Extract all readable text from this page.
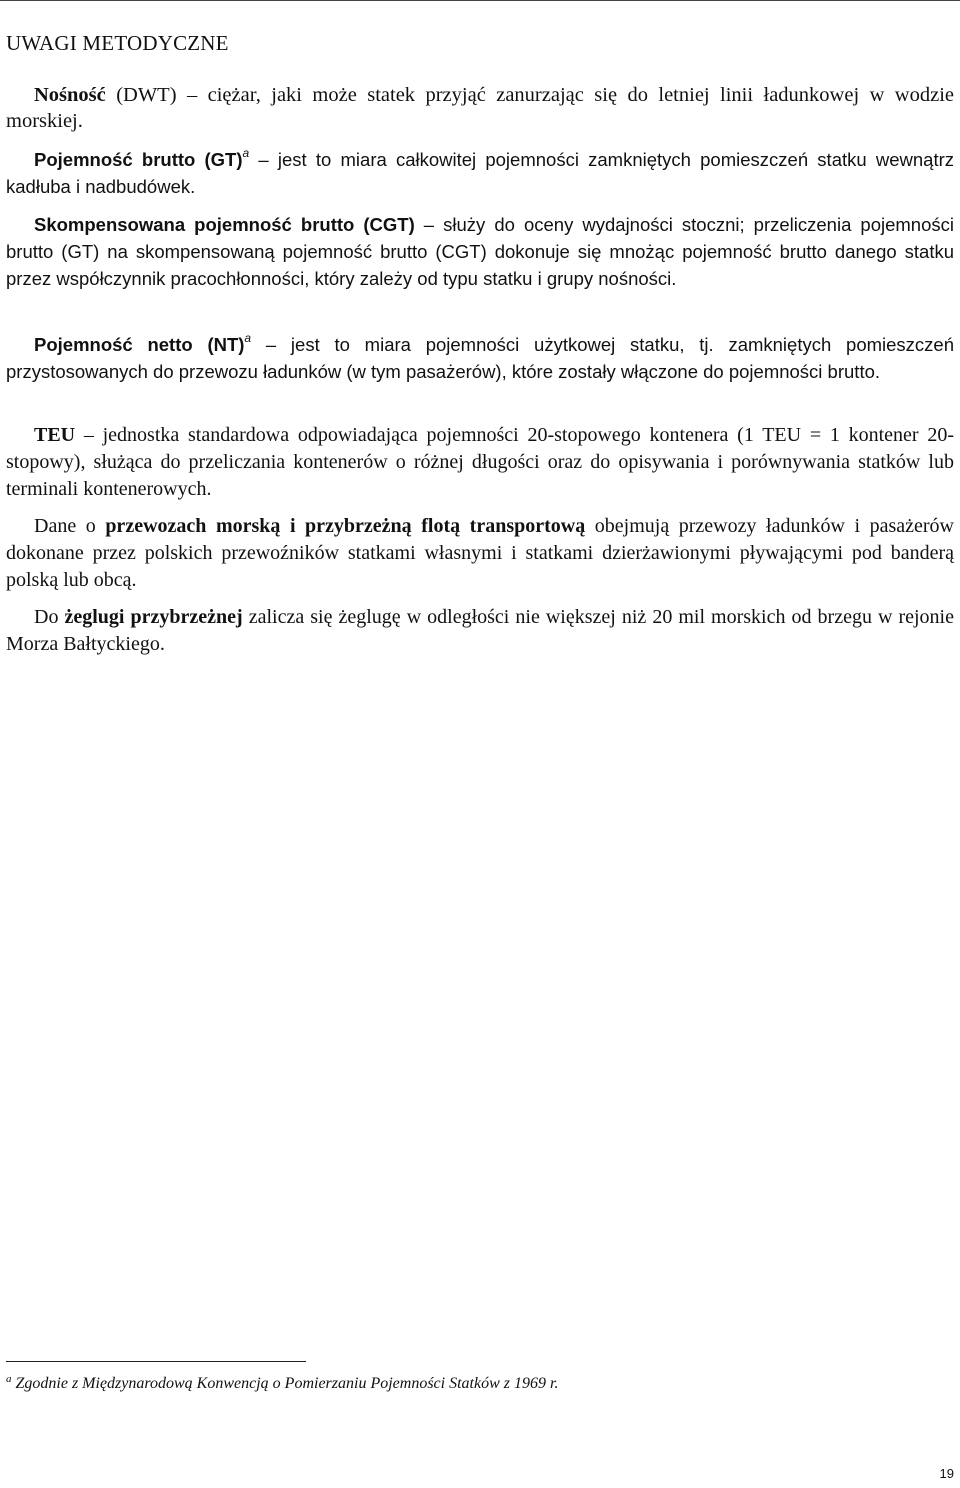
UWAGI METODYCZNE

Nośność (DWT) – ciężar, jaki może statek przyjąć zanurzając się do letniej linii ładunkowej w wodzie morskiej.

Pojemność brutto (GT)$^a$ – jest to miara całkowitej pojemności zamkniętych pomieszczeń statku wewnątrz kadłuba i nadbudówek.

Skompensowana pojemność brutto (CGT) – służy do oceny wydajności stoczni; przeliczenia pojemności brutto (GT) na skompensowaną pojemność brutto (CGT) dokonuje się mnożąc pojemność brutto danego statku przez współczynnik pracochłonności, który zależy od typu statku i grupy nośności.

Pojemność netto (NT)$^a$ – jest to miara pojemności użytkowej statku, tj. zamkniętych pomieszczeń przystosowanych do przewozu ładunków (w tym pasażerów), które zostały włączone do pojemności brutto.

TEU – jednostka standardowa odpowiadająca pojemności 20-stopowego kontenera (1 TEU = 1 kontener 20-stopowy), służąca do przeliczania kontenerów o różnej długości oraz do opisywania i porównywania statków lub terminali kontenerowych.

Dane o przewozach morską i przybrzeżną flotą transportową obejmują przewozy ładunków i pasażerów dokonane przez polskich przewoźników statkami własnymi i statkami dzierżawionymi pływającymi pod banderą polską lub obcą.

Do żeglugi przybrzeżnej zalicza się żeglugę w odległości nie większej niż 20 mil morskich od brzegu w rejonie Morza Bałtyckiego.

$^a$ Zgodnie z Międzynarodową Konwencją o Pomierzaniu Pojemności Statków z 1969 r.

19
